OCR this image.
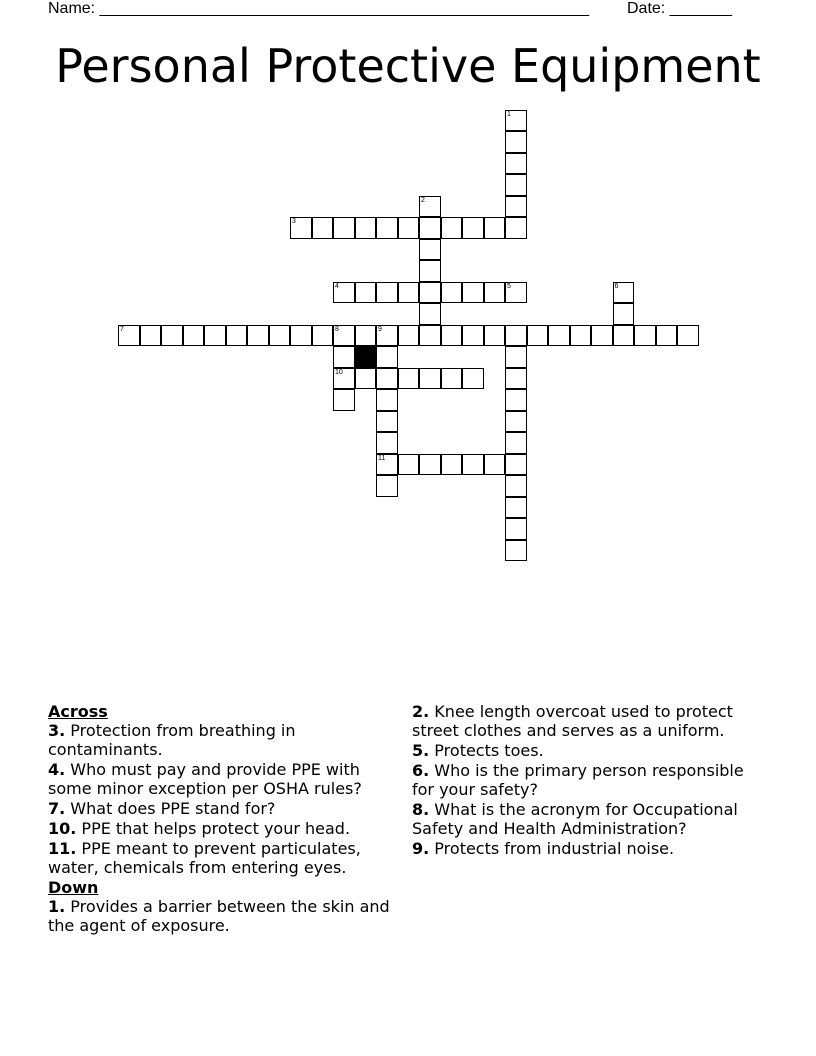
Name: _______________________________________________________ Date: _______
Personal Protective Equipment
1
2
3
4	5	6
7	8	9
10
11
Across
3. Protection from breathing in contaminants.
4. Who must pay and provide PPE with some minor exception per OSHA rules?
7. What does PPE stand for?
10. PPE that helps protect your head.
11. PPE meant to prevent particulates, water, chemicals from entering eyes.
Down
1. Provides a barrier between the skin and the agent of exposure.
2. Knee length overcoat used to protect street clothes and serves as a uniform.
5. Protects toes.
6. Who is the primary person responsible for your safety?
8. What is the acronym for Occupational Safety and Health Administration?
9. Protects from industrial noise.
